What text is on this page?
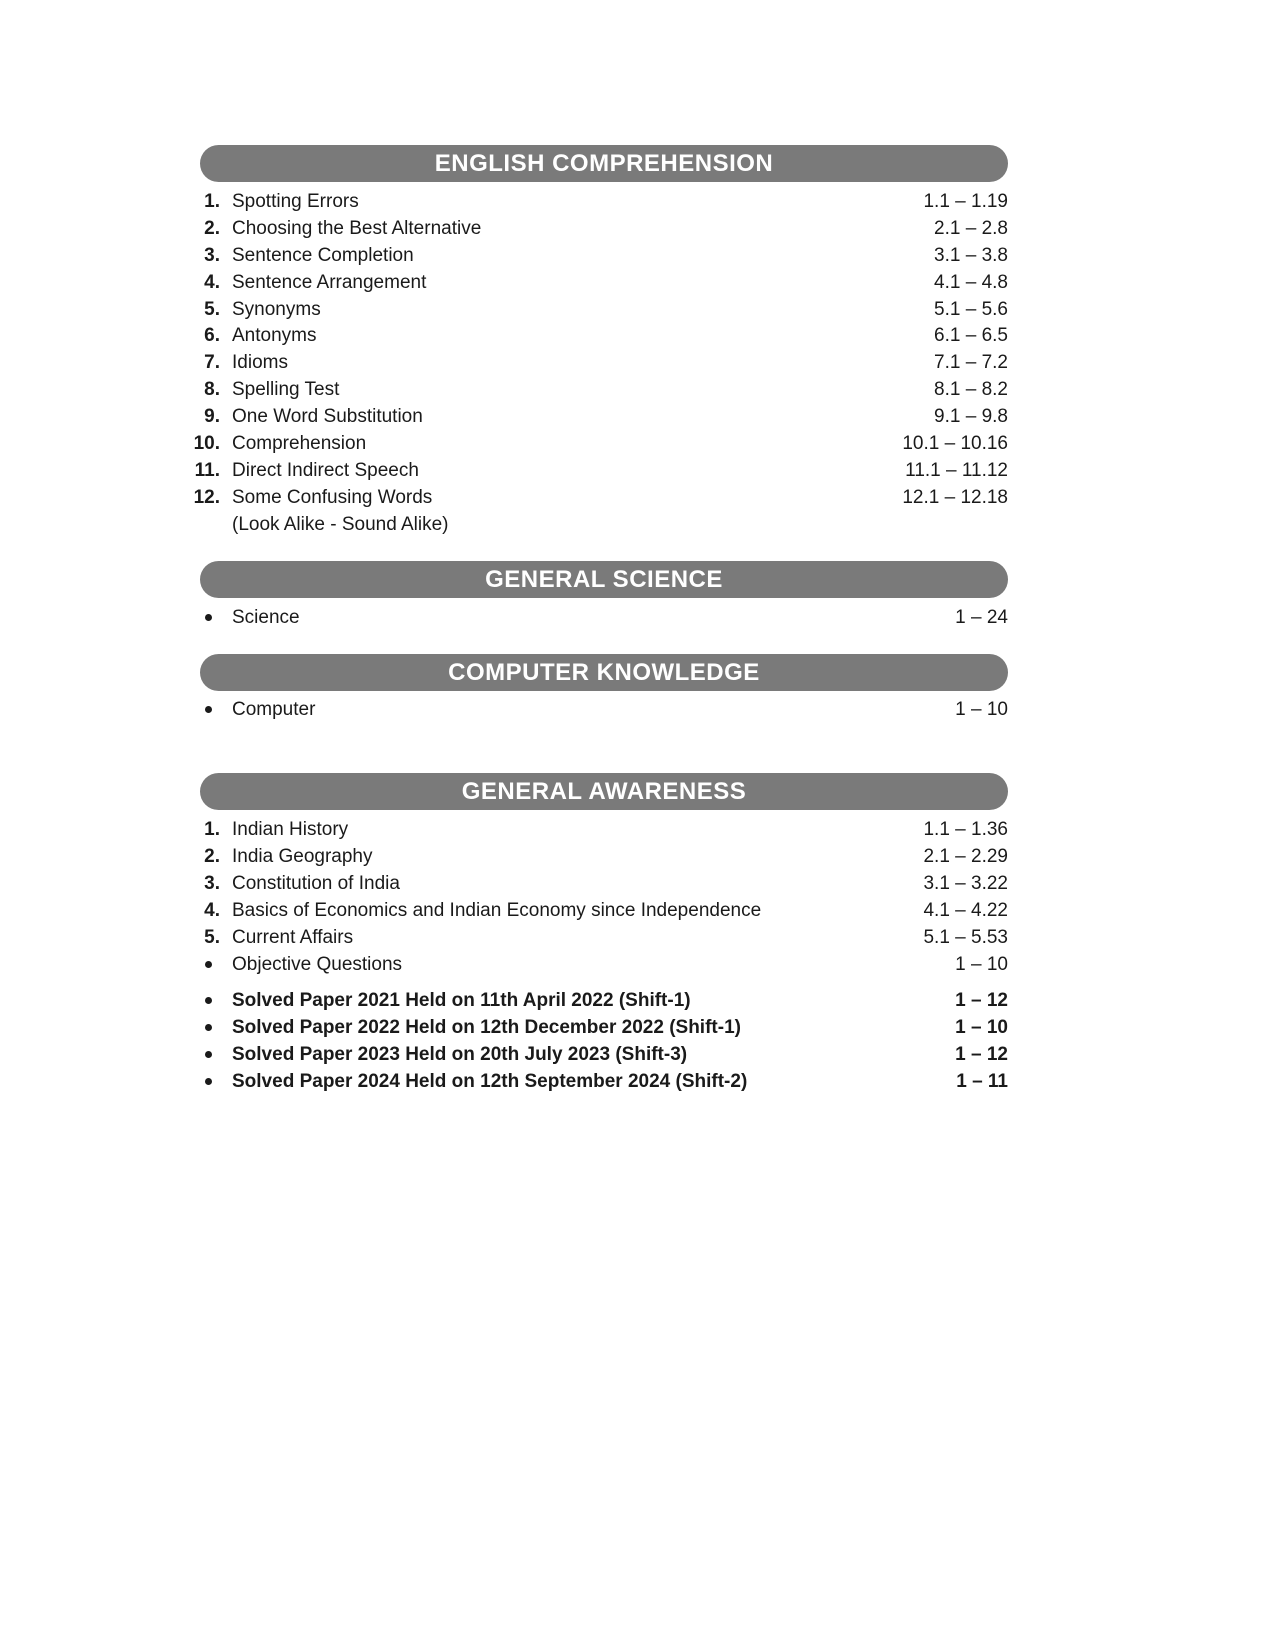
ENGLISH COMPREHENSION
1. Spotting Errors	1.1 – 1.19
2. Choosing the Best Alternative	2.1 – 2.8
3. Sentence Completion	3.1 – 3.8
4. Sentence Arrangement	4.1 – 4.8
5. Synonyms	5.1 – 5.6
6. Antonyms	6.1 – 6.5
7. Idioms	7.1 – 7.2
8. Spelling Test	8.1 – 8.2
9. One Word Substitution	9.1 – 9.8
10. Comprehension	10.1 – 10.16
11. Direct Indirect Speech	11.1 – 11.12
12. Some Confusing Words	12.1 – 12.18
(Look Alike - Sound Alike)
GENERAL SCIENCE
Science	1 – 24
COMPUTER KNOWLEDGE
Computer	1 – 10
GENERAL AWARENESS
1. Indian History	1.1 – 1.36
2. India Geography	2.1 – 2.29
3. Constitution of India	3.1 – 3.22
4. Basics of Economics and Indian Economy since Independence	4.1 – 4.22
5. Current Affairs	5.1 – 5.53
Objective Questions	1 – 10
Solved Paper 2021 Held on 11th April 2022 (Shift-1)	1 – 12
Solved Paper 2022 Held on 12th December 2022 (Shift-1)	1 – 10
Solved Paper 2023 Held on 20th July 2023 (Shift-3)	1 – 12
Solved Paper 2024 Held on 12th September 2024 (Shift-2)	1 – 11
